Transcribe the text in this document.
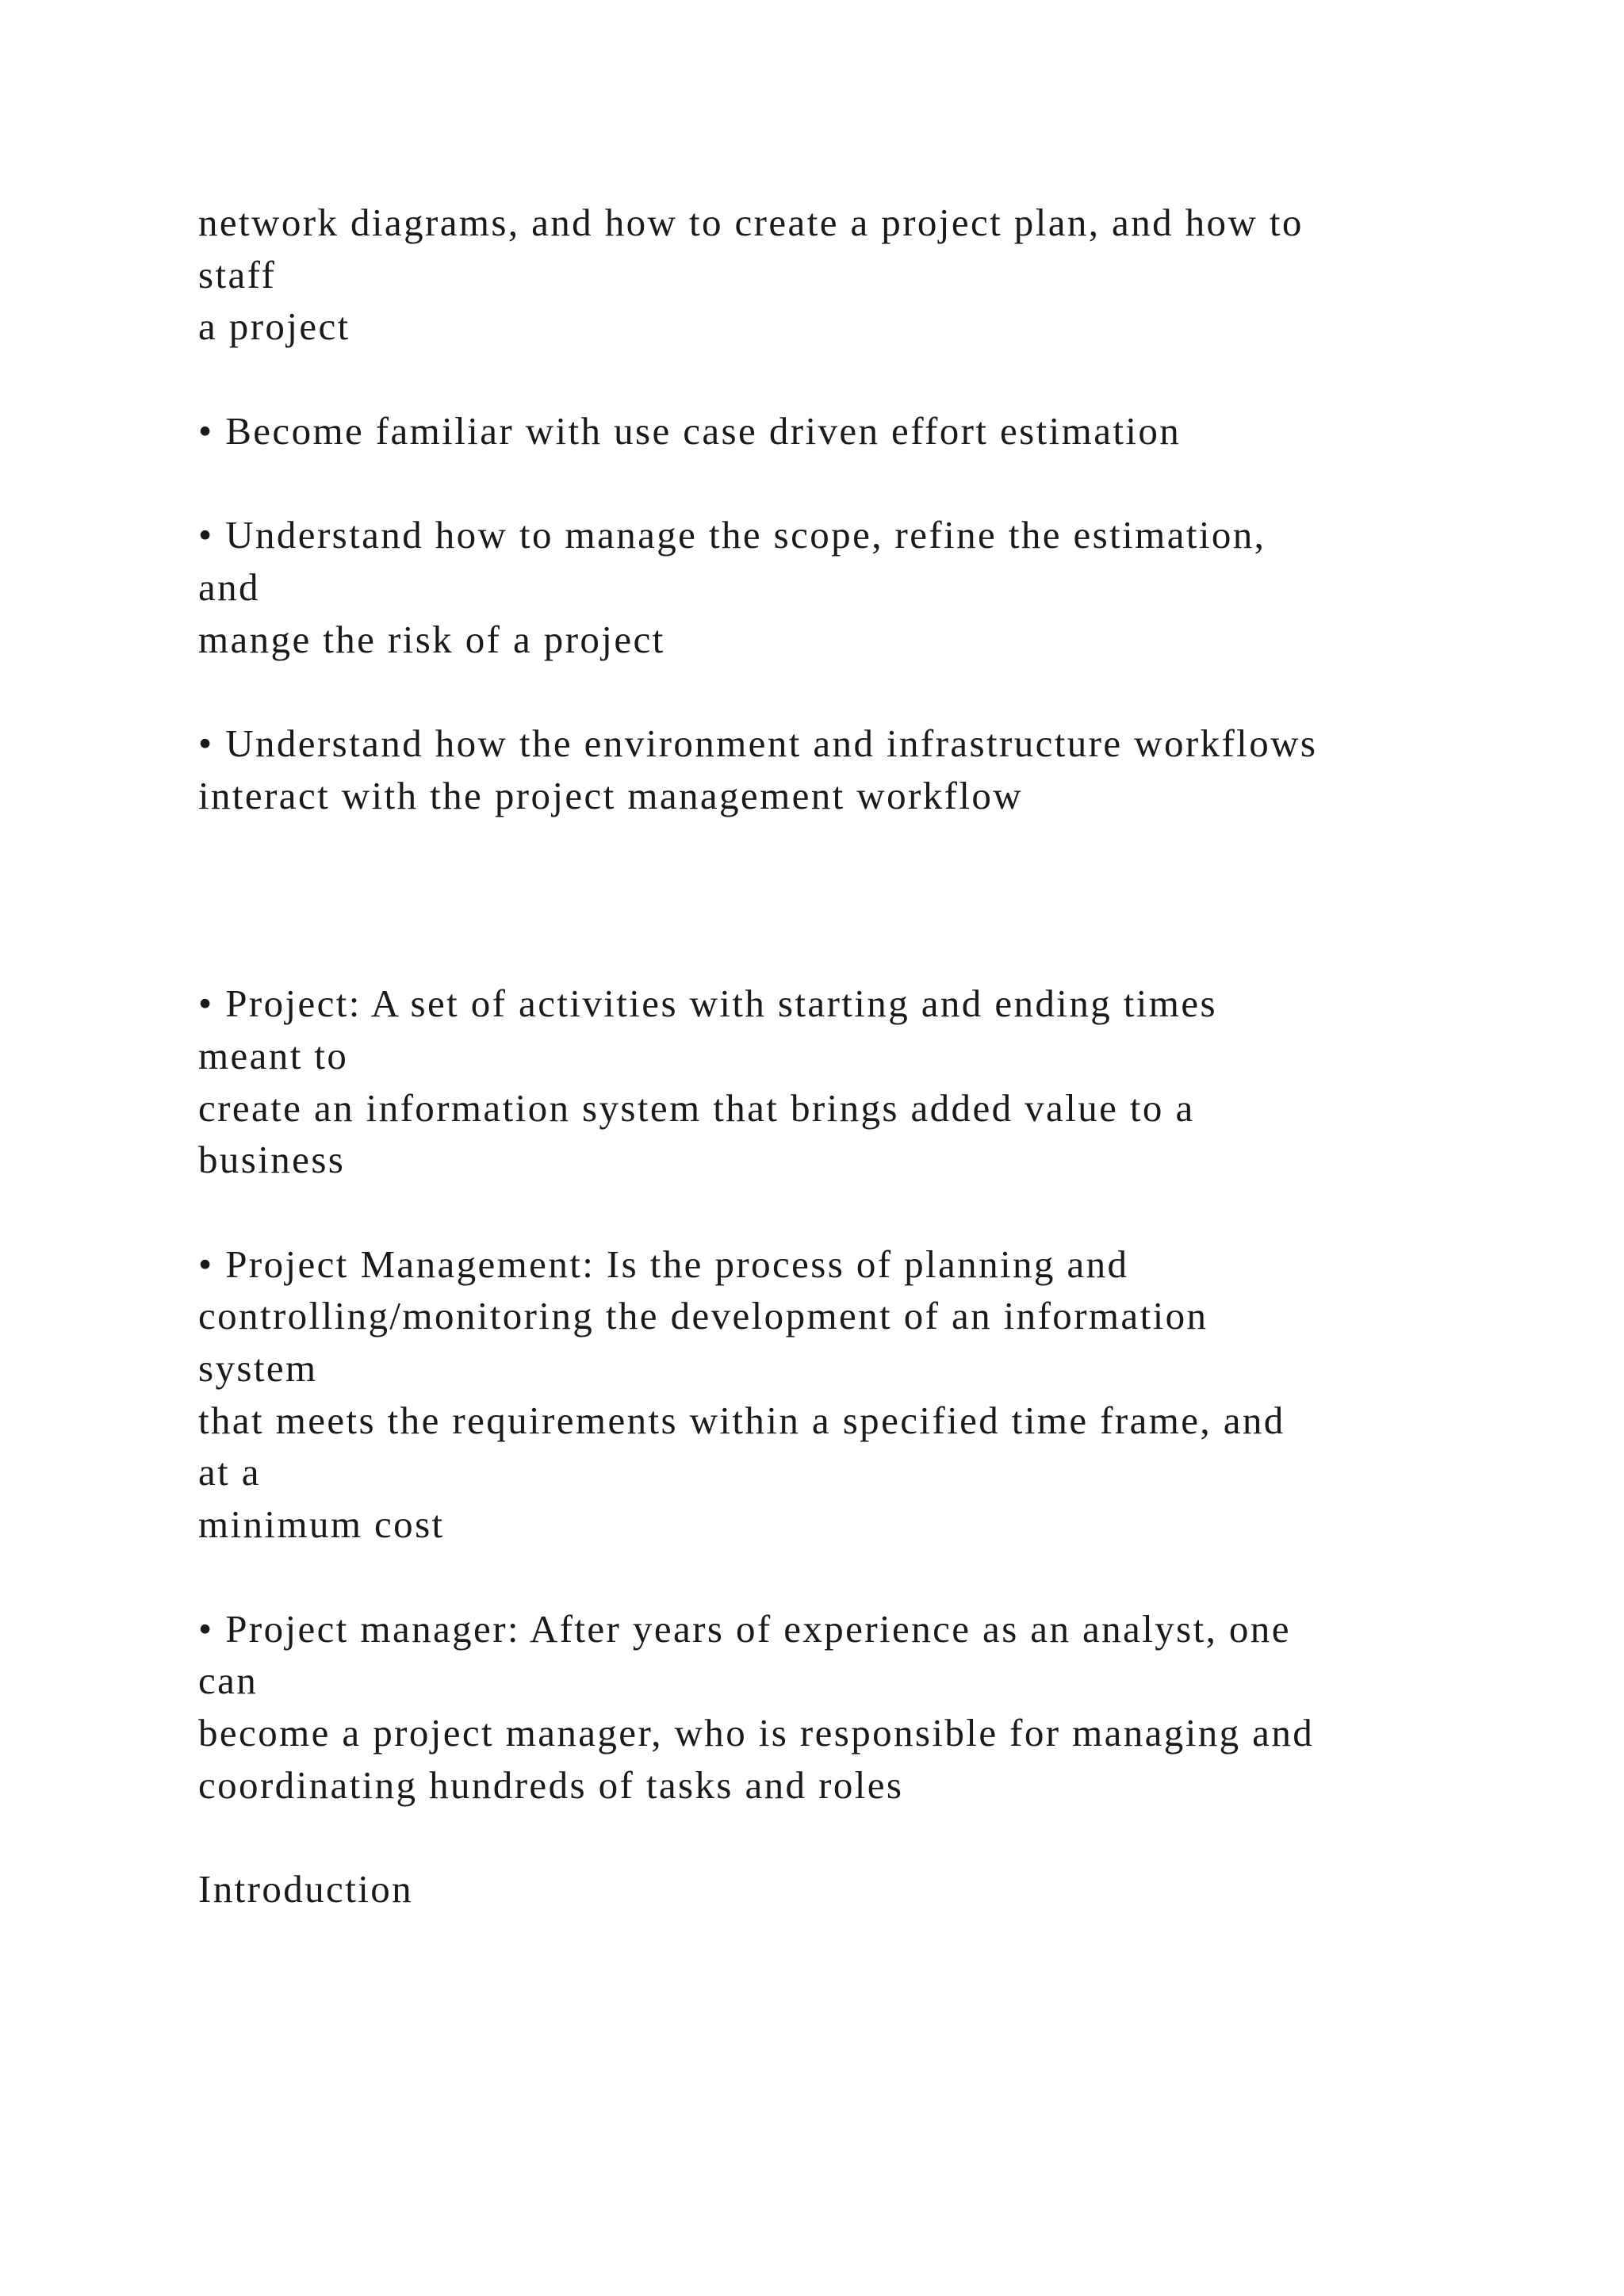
network diagrams, and how to create a project plan, and how to
staff
a project
• Become familiar with use case driven effort estimation
• Understand how to manage the scope, refine the estimation,
and
mange the risk of a project
• Understand how the environment and infrastructure workflows
interact with the project management workflow
• Project: A set of activities with starting and ending times
meant to
create an information system that brings added value to a
business
• Project Management: Is the process of planning and
controlling/monitoring the development of an information
system
that meets the requirements within a specified time frame, and
at a
minimum cost
• Project manager: After years of experience as an analyst, one
can
become a project manager, who is responsible for managing and
coordinating hundreds of tasks and roles
Introduction
